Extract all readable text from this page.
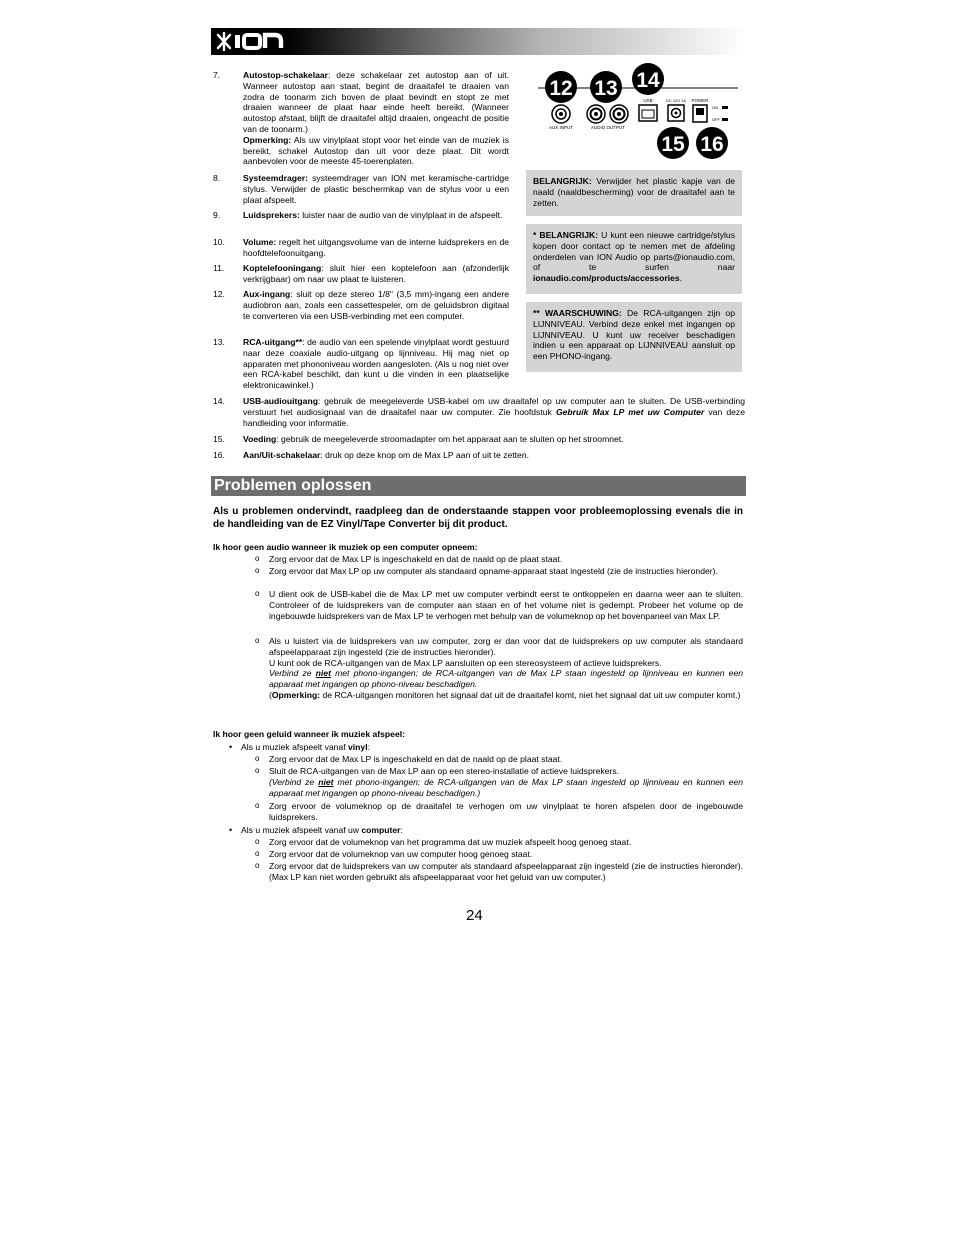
7.	Autostop-schakelaar: deze schakelaar zet autostop aan of uit. Wanneer autostop aan staat, begint de draaitafel te draaien van zodra de toonarm zich boven de plaat bevindt en stopt ze met draaien wanneer de plaat haar einde heeft bereikt. (Wanneer autostop afstaat, blijft de draaitafel altijd draaien, ongeacht de positie van de toonarm.)

Opmerking: Als uw vinylplaat stopt voor het einde van de muziek is bereikt, schakel Autostop dan uit voor deze plaat. Dit wordt aanbevolen voor de meeste 45-toerenplaten.

8.	Systeemdrager: systeemdrager van ION met keramische-cartridge stylus. Verwijder de plastic beschermkap van de stylus voor u een plaat afspeelt.

9.	Luidsprekers: luister naar de audio van de vinylplaat in de afspeelt.

10.	Volume: regelt het uitgangsvolume van de interne luidsprekers en de hoofdtelefoonuitgang.

11.	Koptelefooningang: sluit hier een koptelefoon aan (afzonderlijk verkrijgbaar) om naar uw plaat te luisteren.

12.	Aux-ingang: sluit op deze stereo 1/8" (3,5 mm)-ingang een andere audiobron aan, zoals een cassettespeler, om de geluidsbron digitaal te converteren via een USB-verbinding met een computer.

13.	RCA-uitgang**: de audio van een spelende vinylplaat wordt gestuurd naar deze coaxiale audio-uitgang op lijnniveau. Hij mag niet op apparaten met phononiveau worden aangesloten. (Als u nog niet over een RCA-kabel beschikt, dan kunt u die vinden in een plaatselijke elektronicawinkel.)

14.	USB-audiouitgang: gebruik de meegeleverde USB-kabel om uw draaitafel op uw computer aan te sluiten. De USB-verbinding verstuurt het audiosignaal van de draaitafel naar uw computer. Zie hoofdstuk Gebruik Max LP met uw Computer van deze handleiding voor informatie.

15.	Voeding: gebruik de meegeleverde stroomadapter om het apparaat aan te sluiten op het stroomnet.

16.	Aan/Uit-schakelaar: druk op deze knop om de Max LP aan of uit te zetten.

AUX INPUT	AUDIO OUTPUT
USB	DC 12V 1A POWER
ON
OFF
12 13 14
15 16

BELANGRIJK: Verwijder het plastic kapje van de naald (naaldbescherming) voor de draaitafel aan te zetten.

* BELANGRIJK: U kunt een nieuwe cartridge/stylus kopen door contact op te nemen met de afdeling onderdelen van ION Audio op parts@ionaudio.com, of te surfen naar ionaudio.com/products/accessories.

** WAARSCHUWING: De RCA-uitgangen zijn op LIJNNIVEAU. Verbind deze enkel met ingangen op LIJNNIVEAU. U kunt uw receiver beschadigen indien u een apparaat op LIJNNIVEAU aansluit op een PHONO-ingang.

Problemen oplossen
Als u problemen ondervindt, raadpleeg dan de onderstaande stappen voor probleemoplossing evenals die in de handleiding van de EZ Vinyl/Tape Converter bij dit product.
Ik hoor geen audio wanneer ik muziek op een computer opneem:
o Zorg ervoor dat de Max LP is ingeschakeld en dat de naald op de plaat staat.

o Zorg ervoor dat Max LP op uw computer als standaard opname-apparaat staat ingesteld (zie de instructies hieronder).

o U dient ook de USB-kabel die de Max LP met uw computer verbindt eerst te ontkoppelen en daarna weer aan te sluiten. Controleer of de luidsprekers van de computer aan staan en of het volume niet is gedempt. Probeer het volume op de ingebouwde luidsprekers van de Max LP te verhogen met behulp van de volumeknop op het bovenpaneel van Max LP.

o Als u luistert via de luidsprekers van uw computer, zorg er dan voor dat de luidsprekers op uw computer als standaard afspeelapparaat zijn ingesteld (zie de instructies hieronder).

U kunt ook de RCA-uitgangen van de Max LP aansluiten op een stereosysteem of actieve luidsprekers.

Verbind ze niet met phono-ingangen; de RCA-uitgangen van de Max LP staan ingesteld op lijnniveau en kunnen een apparaat met ingangen op phono-niveau beschadigen.

(Opmerking: de RCA-uitgangen monitoren het signaal dat uit de draaitafel komt, niet het signaal dat uit uw computer komt.)

Ik hoor geen geluid wanneer ik muziek afspeel:
• Als u muziek afspeelt vanaf vinyl:

o Zorg ervoor dat de Max LP is ingeschakeld en dat de naald op de plaat staat.

o Sluit de RCA-uitgangen van de Max LP aan op een stereo-installatie of actieve luidsprekers.

(Verbind ze niet met phono-ingangen; de RCA-uitgangen van de Max LP staan ingesteld op lijnniveau en kunnen een apparaat met ingangen op phono-niveau beschadigen.)

o Zorg ervoor de volumeknop op de draaitafel te verhogen om uw vinylplaat te horen afspelen door de ingebouwde luidsprekers.

• Als u muziek afspeelt vanaf uw computer:

o Zorg ervoor dat de volumeknop van het programma dat uw muziek afspeelt hoog genoeg staat.

o Zorg ervoor dat de volumeknop van uw computer hoog genoeg staat.

o Zorg ervoor dat de luidsprekers van uw computer als standaard afspeelapparaat zijn ingesteld (zie de instructies hieronder). (Max LP kan niet worden gebruikt als afspeelapparaat voor het geluid van uw computer.)

24
